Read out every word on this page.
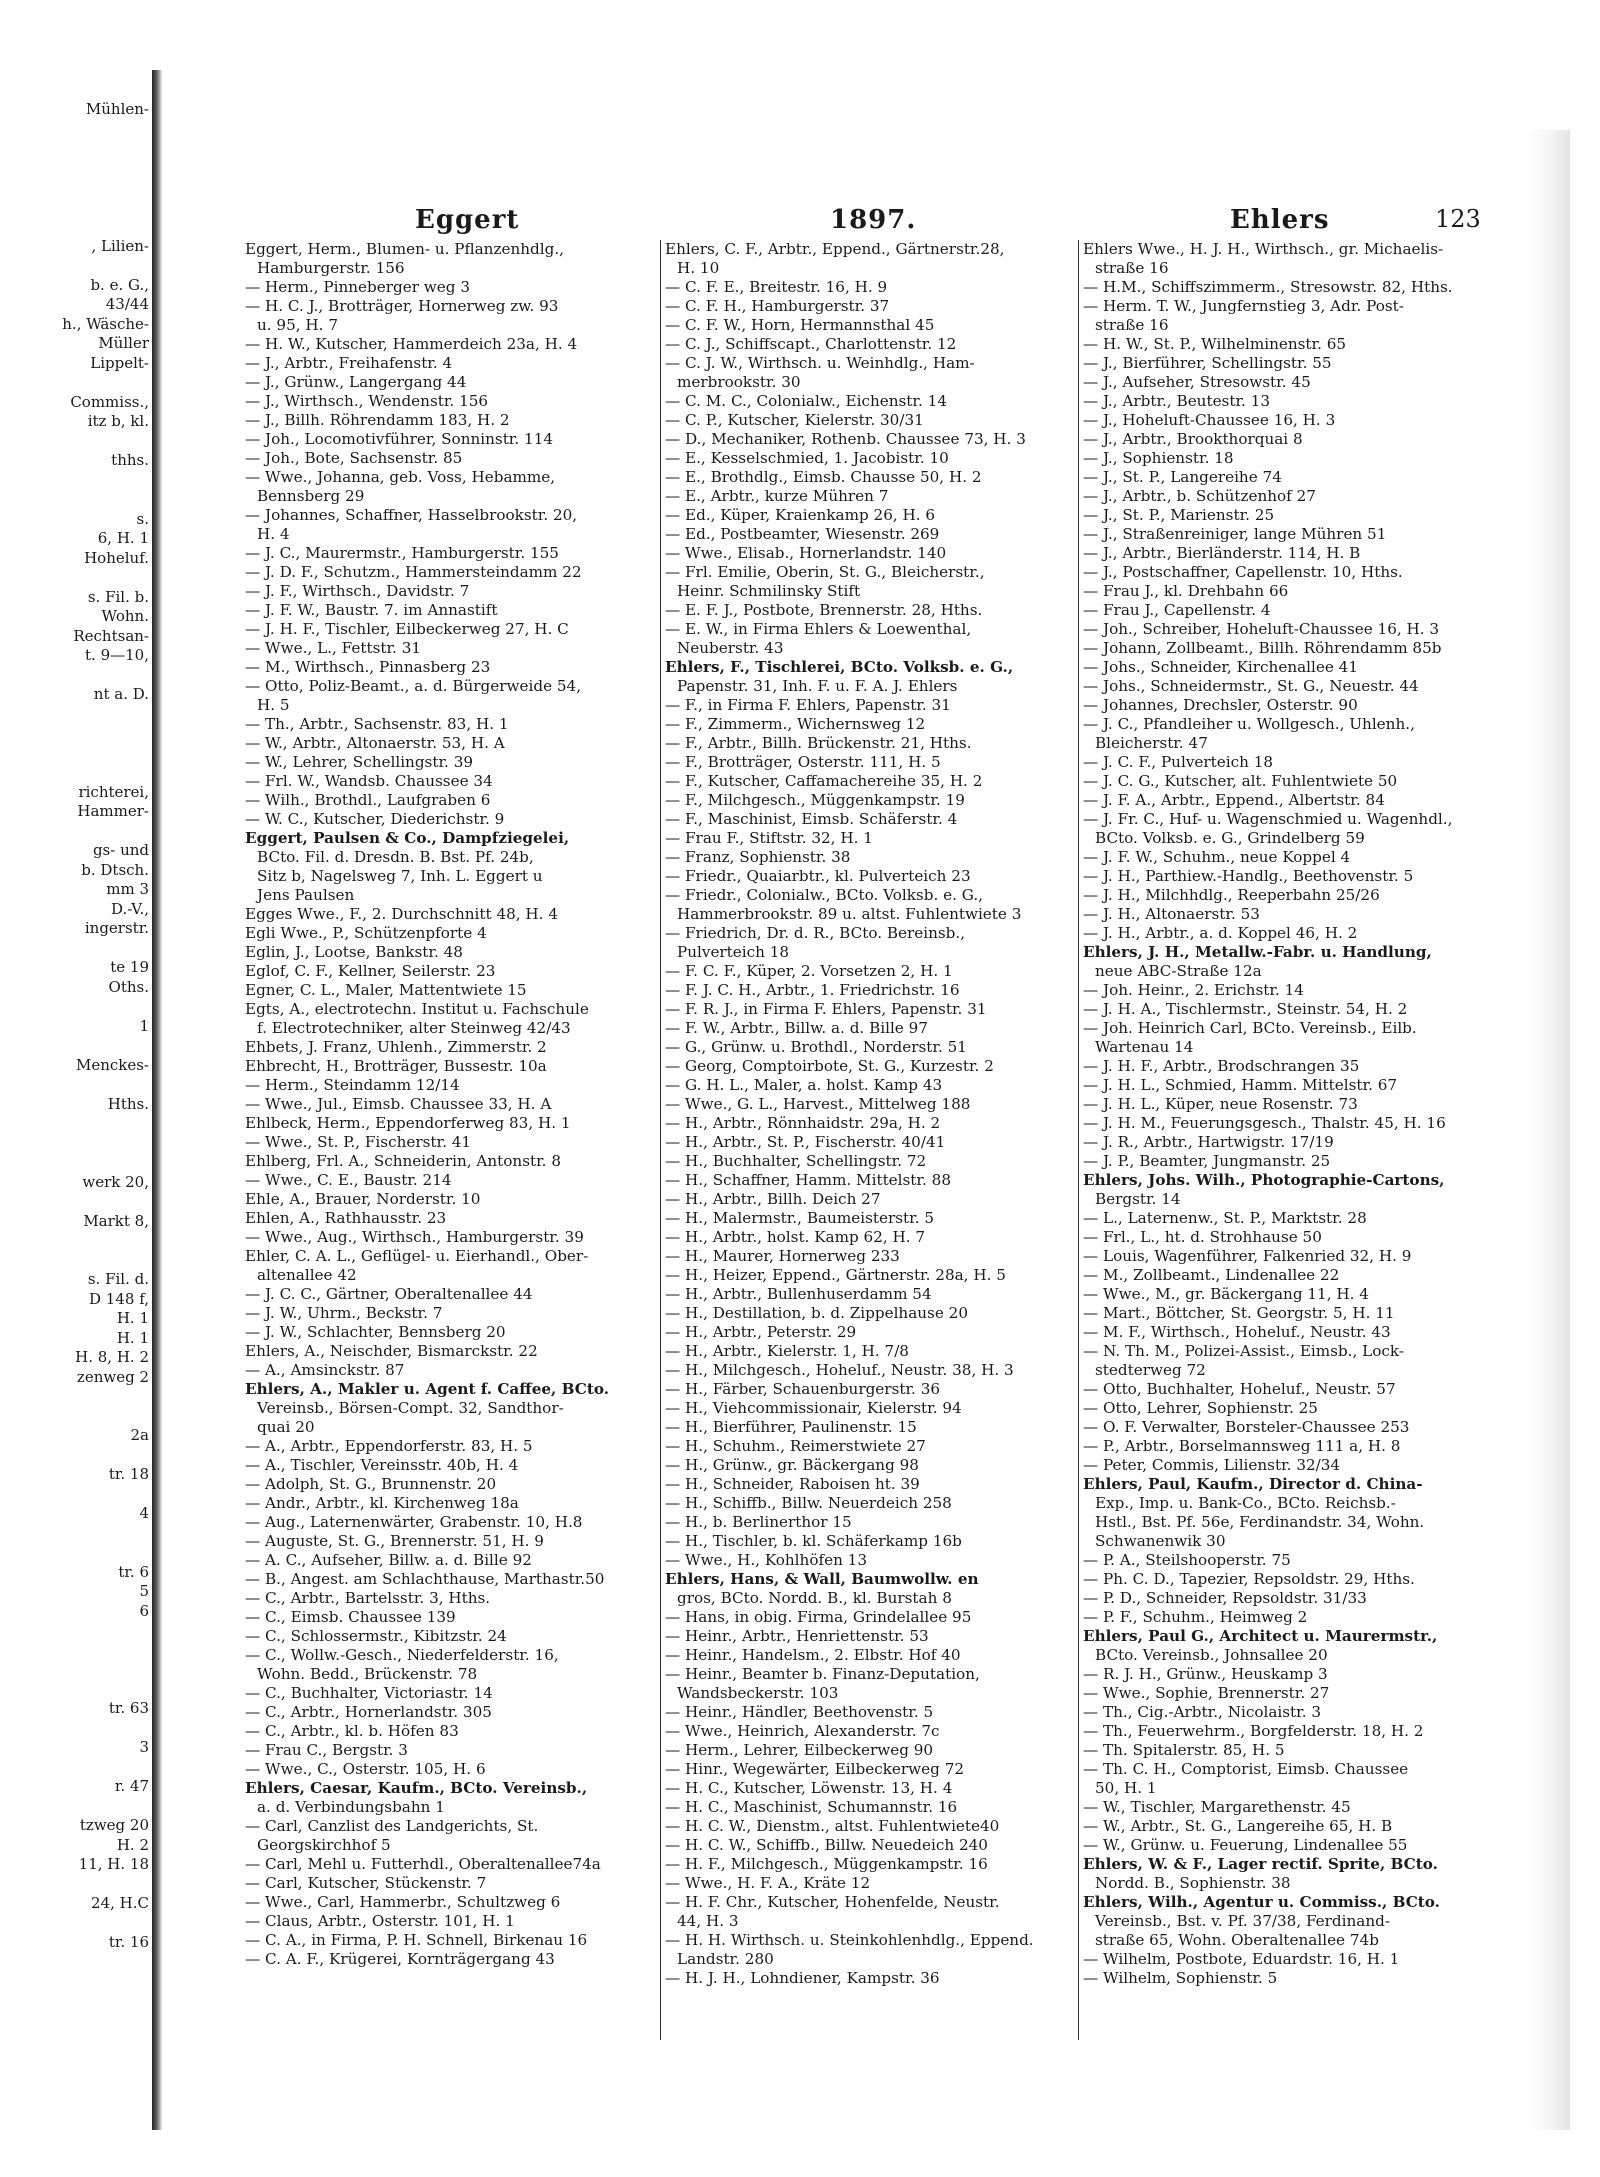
Mühlen-
, Lilien-
b. e. G.,
43/44
h., Wäsche-
Müller
Lippelt-
Commiss.,
itz b, kl.
thhs.
s.
6, H. 1
Hoheluf.
s. Fil. b.
Wohn.
Rechtsan-
t. 9—10,
nt a. D.
richterei,
Hammer-
gs- und
b. Dtsch.
mm 3
D.-V.,
ingerstr.
te 19
Oths.
1
Menckes-
Hths.
werk 20,
Markt 8,
s. Fil. d.
D 148 f,
H. 1
H. 1
H. 8, H. 2
zenweg 2
2a
tr. 18
4
tr. 6
5
6
tr. 63
3
r. 47
tzweg 20
H. 2
11, H. 18
24, H.C
tr. 16
Eggert	1897.	Ehlers	123
Eggert, Herm., Blumen- u. Pflanzenhdlg.,
Hamburgerstr. 156
— Herm., Pinneberger weg 3
— H. C. J., Brotträger, Hornerweg zw. 93
u. 95, H. 7
— H. W., Kutscher, Hammerdeich 23a, H. 4
— J., Arbtr., Freihafenstr. 4
— J., Grünw., Langergang 44
— J., Wirthsch., Wendenstr. 156
— J., Billh. Röhrendamm 183, H. 2
— Joh., Locomotivführer, Sonninstr. 114
— Joh., Bote, Sachsenstr. 85
— Wwe., Johanna, geb. Voss, Hebamme,
Bennsberg 29
— Johannes, Schaffner, Hasselbrookstr. 20,
H. 4
— J. C., Maurermstr., Hamburgerstr. 155
— J. D. F., Schutzm., Hammersteindamm 22
— J. F., Wirthsch., Davidstr. 7
— J. F. W., Baustr. 7. im Annastift
— J. H. F., Tischler, Eilbeckerweg 27, H. C
— Wwe., L., Fettstr. 31
— M., Wirthsch., Pinnasberg 23
— Otto, Poliz-Beamt., a. d. Bürgerweide 54,
H. 5
— Th., Arbtr., Sachsenstr. 83, H. 1
— W., Arbtr., Altonaerstr. 53, H. A
— W., Lehrer, Schellingstr. 39
— Frl. W., Wandsb. Chaussee 34
— Wilh., Brothdl., Laufgraben 6
— W. C., Kutscher, Diederichstr. 9
Eggert, Paulsen & Co., Dampfziegelei,
BCto. Fil. d. Dresdn. B. Bst. Pf. 24b,
Sitz b, Nagelsweg 7, Inh. L. Eggert u
Jens Paulsen
Egges Wwe., F., 2. Durchschnitt 48, H. 4
Egli Wwe., P., Schützenpforte 4
Eglin, J., Lootse, Bankstr. 48
Eglof, C. F., Kellner, Seilerstr. 23
Egner, C. L., Maler, Mattentwiete 15
Egts, A., electrotechn. Institut u. Fachschule
f. Electrotechniker, alter Steinweg 42/43
Ehbets, J. Franz, Uhlenh., Zimmerstr. 2
Ehbrecht, H., Brotträger, Bussestr. 10a
— Herm., Steindamm 12/14
— Wwe., Jul., Eimsb. Chaussee 33, H. A
Ehlbeck, Herm., Eppendorferweg 83, H. 1
— Wwe., St. P., Fischerstr. 41
Ehlberg, Frl. A., Schneiderin, Antonstr. 8
— Wwe., C. E., Baustr. 214
Ehle, A., Brauer, Norderstr. 10
Ehlen, A., Rathhausstr. 23
— Wwe., Aug., Wirthsch., Hamburgerstr. 39
Ehler, C. A. L., Geflügel- u. Eierhandl., Ober-
altenallee 42
— J. C. C., Gärtner, Oberaltenallee 44
— J. W., Uhrm., Beckstr. 7
— J. W., Schlachter, Bennsberg 20
Ehlers, A., Neischder, Bismarckstr. 22
— A., Amsinckstr. 87
Ehlers, A., Makler u. Agent f. Caffee, BCto.
Vereinsb., Börsen-Compt. 32, Sandthor-
quai 20
— A., Arbtr., Eppendorferstr. 83, H. 5
— A., Tischler, Vereinsstr. 40b, H. 4
— Adolph, St. G., Brunnenstr. 20
— Andr., Arbtr., kl. Kirchenweg 18a
— Aug., Laternenwärter, Grabenstr. 10, H.8
— Auguste, St. G., Brennerstr. 51, H. 9
— A. C., Aufseher, Billw. a. d. Bille 92
— B., Angest. am Schlachthause, Marthastr.50
— C., Arbtr., Bartelsstr. 3, Hths.
— C., Eimsb. Chaussee 139
— C., Schlossermstr., Kibitzstr. 24
— C., Wollw.-Gesch., Niederfelderstr. 16,
Wohn. Bedd., Brückenstr. 78
— C., Buchhalter, Victoriastr. 14
— C., Arbtr., Hornerlandstr. 305
— C., Arbtr., kl. b. Höfen 83
— Frau C., Bergstr. 3
— Wwe., C., Osterstr. 105, H. 6
Ehlers, Caesar, Kaufm., BCto. Vereinsb.,
a. d. Verbindungsbahn 1
— Carl, Canzlist des Landgerichts, St.
Georgskirchhof 5
— Carl, Mehl u. Futterhdl., Oberaltenallee74a
— Carl, Kutscher, Stückenstr. 7
— Wwe., Carl, Hammerbr., Schultzweg 6
— Claus, Arbtr., Osterstr. 101, H. 1
— C. A., in Firma, P. H. Schnell, Birkenau 16
— C. A. F., Krügerei, Kornträgergang 43
Ehlers, C. F., Arbtr., Eppend., Gärtnerstr.28,
H. 10
— C. F. E., Breitestr. 16, H. 9
— C. F. H., Hamburgerstr. 37
— C. F. W., Horn, Hermannsthal 45
— C. J., Schiffscapt., Charlottenstr. 12
— C. J. W., Wirthsch. u. Weinhdlg., Ham-
merbrookstr. 30
— C. M. C., Colonialw., Eichenstr. 14
— C. P., Kutscher, Kielerstr. 30/31
— D., Mechaniker, Rothenb. Chaussee 73, H. 3
— E., Kesselschmied, 1. Jacobistr. 10
— E., Brothdlg., Eimsb. Chausse 50, H. 2
— E., Arbtr., kurze Mühren 7
— Ed., Küper, Kraienkamp 26, H. 6
— Ed., Postbeamter, Wiesenstr. 269
— Wwe., Elisab., Hornerlandstr. 140
— Frl. Emilie, Oberin, St. G., Bleicherstr.,
Heinr. Schmilinsky Stift
— E. F. J., Postbote, Brennerstr. 28, Hths.
— E. W., in Firma Ehlers & Loewenthal,
Neuberstr. 43
Ehlers, F., Tischlerei, BCto. Volksb. e. G.,
Papenstr. 31, Inh. F. u. F. A. J. Ehlers
— F., in Firma F. Ehlers, Papenstr. 31
— F., Zimmerm., Wichernsweg 12
— F., Arbtr., Billh. Brückenstr. 21, Hths.
— F., Brotträger, Osterstr. 111, H. 5
— F., Kutscher, Caffamachereihe 35, H. 2
— F., Milchgesch., Müggenkampstr. 19
— F., Maschinist, Eimsb. Schäferstr. 4
— Frau F., Stiftstr. 32, H. 1
— Franz, Sophienstr. 38
— Friedr., Quaiarbtr., kl. Pulverteich 23
— Friedr., Colonialw., BCto. Volksb. e. G.,
Hammerbrookstr. 89 u. altst. Fuhlentwiete 3
— Friedrich, Dr. d. R., BCto. Bereinsb.,
Pulverteich 18
— F. C. F., Küper, 2. Vorsetzen 2, H. 1
— F. J. C. H., Arbtr., 1. Friedrichstr. 16
— F. R. J., in Firma F. Ehlers, Papenstr. 31
— F. W., Arbtr., Billw. a. d. Bille 97
— G., Grünw. u. Brothdl., Norderstr. 51
— Georg, Comptoirbote, St. G., Kurzestr. 2
— G. H. L., Maler, a. holst. Kamp 43
— Wwe., G. L., Harvest., Mittelweg 188
— H., Arbtr., Rönnhaidstr. 29a, H. 2
— H., Arbtr., St. P., Fischerstr. 40/41
— H., Buchhalter, Schellingstr. 72
— H., Schaffner, Hamm. Mittelstr. 88
— H., Arbtr., Billh. Deich 27
— H., Malermstr., Baumeisterstr. 5
— H., Arbtr., holst. Kamp 62, H. 7
— H., Maurer, Hornerweg 233
— H., Heizer, Eppend., Gärtnerstr. 28a, H. 5
— H., Arbtr., Bullenhuserdamm 54
— H., Destillation, b. d. Zippelhause 20
— H., Arbtr., Peterstr. 29
— H., Arbtr., Kielerstr. 1, H. 7/8
— H., Milchgesch., Hoheluf., Neustr. 38, H. 3
— H., Färber, Schauenburgerstr. 36
— H., Viehcommissionair, Kielerstr. 94
— H., Bierführer, Paulinenstr. 15
— H., Schuhm., Reimerstwiete 27
— H., Grünw., gr. Bäckergang 98
— H., Schneider, Raboisen ht. 39
— H., Schiffb., Billw. Neuerdeich 258
— H., b. Berlinerthor 15
— H., Tischler, b. kl. Schäferkamp 16b
— Wwe., H., Kohlhöfen 13
Ehlers, Hans, & Wall, Baumwollw. en
gros, BCto. Nordd. B., kl. Burstah 8
— Hans, in obig. Firma, Grindelallee 95
— Heinr., Arbtr., Henriettenstr. 53
— Heinr., Handelsm., 2. Elbstr. Hof 40
— Heinr., Beamter b. Finanz-Deputation,
Wandsbeckerstr. 103
— Heinr., Händler, Beethovenstr. 5
— Wwe., Heinrich, Alexanderstr. 7c
— Herm., Lehrer, Eilbeckerweg 90
— Hinr., Wegewärter, Eilbeckerweg 72
— H. C., Kutscher, Löwenstr. 13, H. 4
— H. C., Maschinist, Schumannstr. 16
— H. C. W., Dienstm., altst. Fuhlentwiete40
— H. C. W., Schiffb., Billw. Neuedeich 240
— H. F., Milchgesch., Müggenkampstr. 16
— Wwe., H. F. A., Kräte 12
— H. F. Chr., Kutscher, Hohenfelde, Neustr.
44, H. 3
— H. H. Wirthsch. u. Steinkohlenhdlg., Eppend.
Landstr. 280
— H. J. H., Lohndiener, Kampstr. 36
Ehlers Wwe., H. J. H., Wirthsch., gr. Michaelis-
straße 16
— H.M., Schiffszimmerm., Stresowstr. 82, Hths.
— Herm. T. W., Jungfernstieg 3, Adr. Post-
straße 16
— H. W., St. P., Wilhelminenstr. 65
— J., Bierführer, Schellingstr. 55
— J., Aufseher, Stresowstr. 45
— J., Arbtr., Beutestr. 13
— J., Hoheluft-Chaussee 16, H. 3
— J., Arbtr., Brookthorquai 8
— J., Sophienstr. 18
— J., St. P., Langereihe 74
— J., Arbtr., b. Schützenhof 27
— J., St. P., Marienstr. 25
— J., Straßenreiniger, lange Mühren 51
— J., Arbtr., Bierländerstr. 114, H. B
— J., Postschaffner, Capellenstr. 10, Hths.
— Frau J., kl. Drehbahn 66
— Frau J., Capellenstr. 4
— Joh., Schreiber, Hoheluft-Chaussee 16, H. 3
— Johann, Zollbeamt., Billh. Röhrendamm 85b
— Johs., Schneider, Kirchenallee 41
— Johs., Schneidermstr., St. G., Neuestr. 44
— Johannes, Drechsler, Osterstr. 90
— J. C., Pfandleiher u. Wollgesch., Uhlenh.,
Bleicherstr. 47
— J. C. F., Pulverteich 18
— J. C. G., Kutscher, alt. Fuhlentwiete 50
— J. F. A., Arbtr., Eppend., Albertstr. 84
— J. Fr. C., Huf- u. Wagenschmied u. Wagenhdl.,
BCto. Volksb. e. G., Grindelberg 59
— J. F. W., Schuhm., neue Koppel 4
— J. H., Parthiew.-Handlg., Beethovenstr. 5
— J. H., Milchhdlg., Reeperbahn 25/26
— J. H., Altonaerstr. 53
— J. H., Arbtr., a. d. Koppel 46, H. 2
Ehlers, J. H., Metallw.-Fabr. u. Handlung,
neue ABC-Straße 12a
— Joh. Heinr., 2. Erichstr. 14
— J. H. A., Tischlermstr., Steinstr. 54, H. 2
— Joh. Heinrich Carl, BCto. Vereinsb., Eilb.
Wartenau 14
— J. H. F., Arbtr., Brodschrangen 35
— J. H. L., Schmied, Hamm. Mittelstr. 67
— J. H. L., Küper, neue Rosenstr. 73
— J. H. M., Feuerungsgesch., Thalstr. 45, H. 16
— J. R., Arbtr., Hartwigstr. 17/19
— J. P., Beamter, Jungmanstr. 25
Ehlers, Johs. Wilh., Photographie-Cartons,
Bergstr. 14
— L., Laternenw., St. P., Marktstr. 28
— Frl., L., ht. d. Strohhause 50
— Louis, Wagenführer, Falkenried 32, H. 9
— M., Zollbeamt., Lindenallee 22
— Wwe., M., gr. Bäckergang 11, H. 4
— Mart., Böttcher, St. Georgstr. 5, H. 11
— M. F., Wirthsch., Hoheluf., Neustr. 43
— N. Th. M., Polizei-Assist., Eimsb., Lock-
stedterweg 72
— Otto, Buchhalter, Hoheluf., Neustr. 57
— Otto, Lehrer, Sophienstr. 25
— O. F. Verwalter, Borsteler-Chaussee 253
— P., Arbtr., Borselmannsweg 111 a, H. 8
— Peter, Commis, Lilienstr. 32/34
Ehlers, Paul, Kaufm., Director d. China-
Exp., Imp. u. Bank-Co., BCto. Reichsb.-
Hstl., Bst. Pf. 56e, Ferdinandstr. 34, Wohn.
Schwanenwik 30
— P. A., Steilshooperstr. 75
— Ph. C. D., Tapezier, Repsoldstr. 29, Hths.
— P. D., Schneider, Repsoldstr. 31/33
— P. F., Schuhm., Heimweg 2
Ehlers, Paul G., Architect u. Maurermstr.,
BCto. Vereinsb., Johnsallee 20
— R. J. H., Grünw., Heuskamp 3
— Wwe., Sophie, Brennerstr. 27
— Th., Cig.-Arbtr., Nicolaistr. 3
— Th., Feuerwehrm., Borgfelderstr. 18, H. 2
— Th. Spitalerstr. 85, H. 5
— Th. C. H., Comptorist, Eimsb. Chaussee
50, H. 1
— W., Tischler, Margarethenstr. 45
— W., Arbtr., St. G., Langereihe 65, H. B
— W., Grünw. u. Feuerung, Lindenallee 55
Ehlers, W. & F., Lager rectif. Sprite, BCto.
Nordd. B., Sophienstr. 38
Ehlers, Wilh., Agentur u. Commiss., BCto.
Vereinsb., Bst. v. Pf. 37/38, Ferdinand-
straße 65, Wohn. Oberaltenallee 74b
— Wilhelm, Postbote, Eduardstr. 16, H. 1
— Wilhelm, Sophienstr. 5
